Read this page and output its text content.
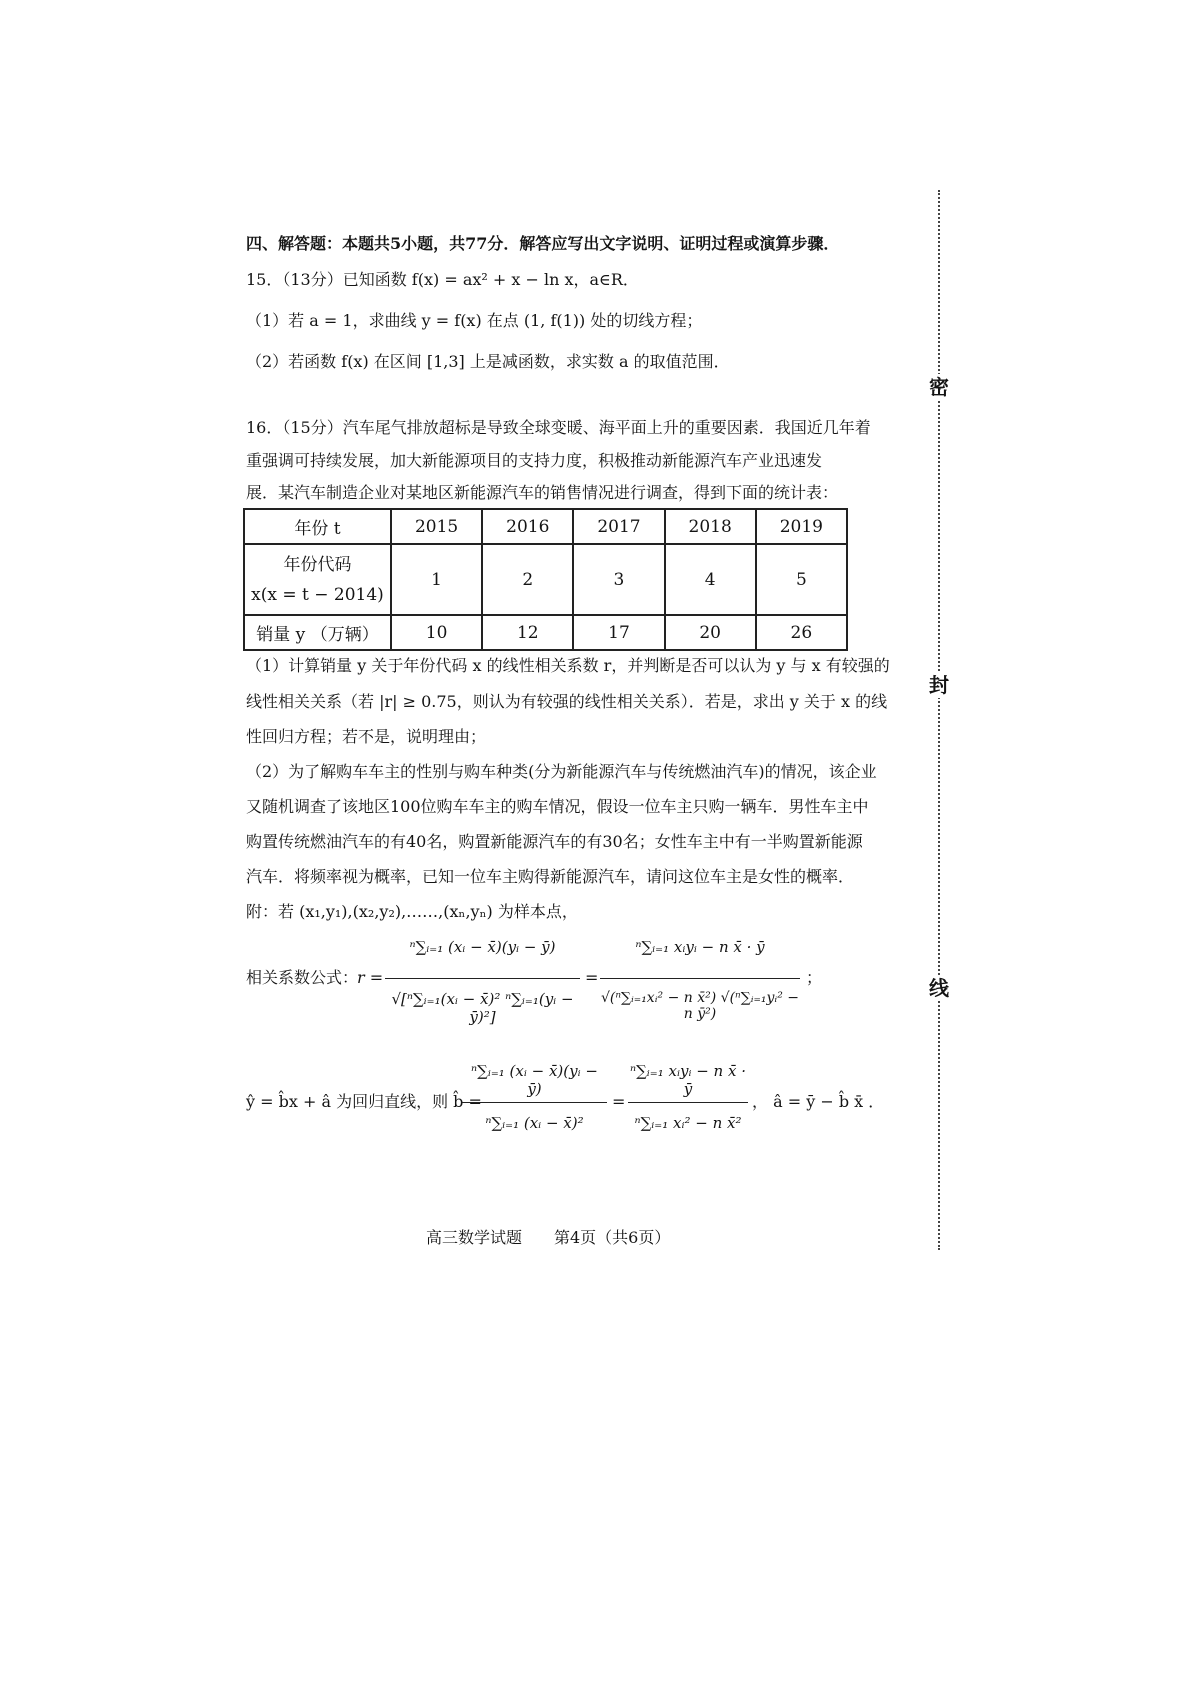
密
封
线
四、解答题：本题共5小题，共77分．解答应写出文字说明、证明过程或演算步骤．
15．（13分）已知函数 f(x) = ax² + x − ln x，a∈R．
（1）若 a = 1，求曲线 y = f(x) 在点 (1, f(1)) 处的切线方程；
（2）若函数 f(x) 在区间 [1,3] 上是减函数，求实数 a 的取值范围．
16．（15分）汽车尾气排放超标是导致全球变暖、海平面上升的重要因素．我国近几年着
重强调可持续发展，加大新能源项目的支持力度，积极推动新能源汽车产业迅速发
展．某汽车制造企业对某地区新能源汽车的销售情况进行调查，得到下面的统计表：
年份 t	2015	2016	2017	2018	2019

年份代码
x(x = t − 2014)	1	2	3	4	5
销量 y （万辆）	10	12	17	20	26
（1）计算销量 y 关于年份代码 x 的线性相关系数 r，并判断是否可以认为 y 与 x 有较强的
线性相关关系（若 |r| ≥ 0.75，则认为有较强的线性相关关系）．若是，求出 y 关于 x 的线
性回归方程；若不是，说明理由；
（2）为了解购车车主的性别与购车种类(分为新能源汽车与传统燃油汽车)的情况，该企业
又随机调查了该地区100位购车车主的购车情况，假设一位车主只购一辆车．男性车主中
购置传统燃油汽车的有40名，购置新能源汽车的有30名；女性车主中有一半购置新能源
汽车．将频率视为概率，已知一位车主购得新能源汽车，请问这位车主是女性的概率．
附：若 (x₁,y₁),(x₂,y₂),……,(xₙ,yₙ) 为样本点，
相关系数公式：
r =
ⁿ∑ᵢ₌₁ (xᵢ − x̄)(yᵢ − ȳ)
√[ⁿ∑ᵢ₌₁(xᵢ − x̄)² ⁿ∑ᵢ₌₁(yᵢ − ȳ)²]
=
ⁿ∑ᵢ₌₁ xᵢyᵢ − n x̄ · ȳ
√(ⁿ∑ᵢ₌₁xᵢ² − n x̄²) √(ⁿ∑ᵢ₌₁yᵢ² − n ȳ²)
；
ŷ = b̂x + â 为回归直线，则 b̂ =
ⁿ∑ᵢ₌₁ (xᵢ − x̄)(yᵢ − ȳ)
ⁿ∑ᵢ₌₁ (xᵢ − x̄)²
=
ⁿ∑ᵢ₌₁ xᵢyᵢ − n x̄ · ȳ
ⁿ∑ᵢ₌₁ xᵢ² − n x̄²
， â = ȳ − b̂ x̄ ．
高三数学试题　　第4页（共6页）
